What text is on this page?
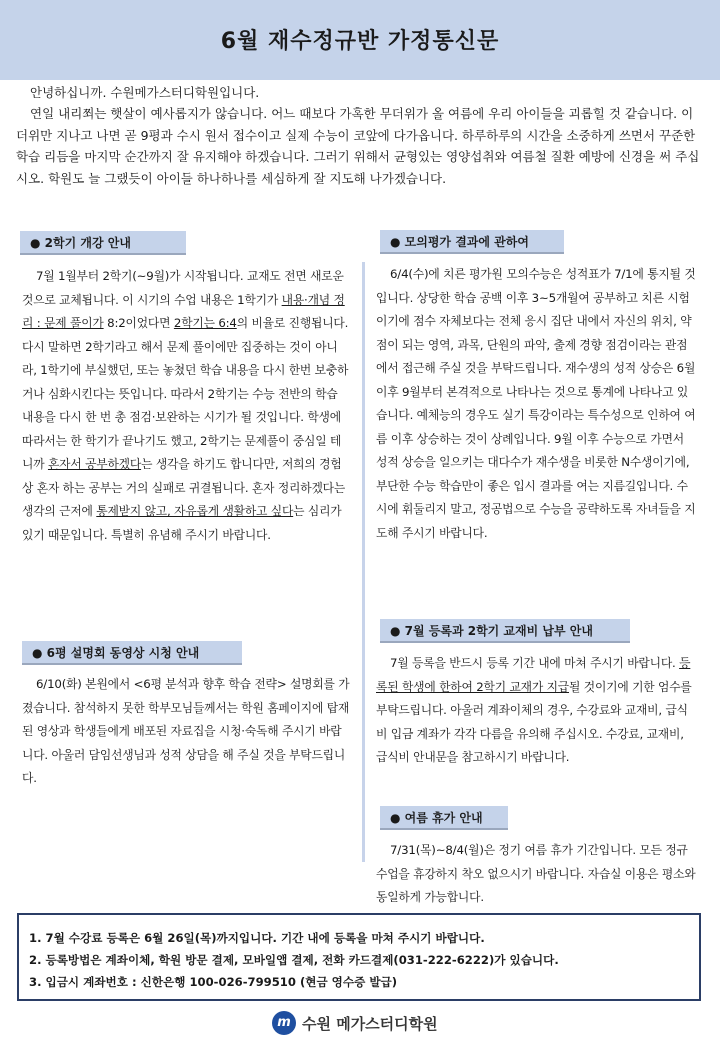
6월 재수정규반 가정통신문

안녕하십니까. 수원메가스터디학원입니다.

연일 내리쬐는 햇살이 예사롭지가 않습니다. 어느 때보다 가혹한 무더위가 올 여름에 우리 아이들을 괴롭힐 것 같습니다. 이 더위만 지나고 나면 곧 9평과 수시 원서 접수이고 실제 수능이 코앞에 다가옵니다. 하루하루의 시간을 소중하게 쓰면서 꾸준한 학습 리듬을 마지막 순간까지 잘 유지해야 하겠습니다. 그러기 위해서 균형있는 영양섭취와 여름철 질환 예방에 신경을 써 주십시오. 학원도 늘 그랬듯이 아이들 하나하나를 세심하게 잘 지도해 나가겠습니다.

● 2학기 개강 안내

7월 1월부터 2학기(~9월)가 시작됩니다. 교재도 전면 새로운 것으로 교체됩니다. 이 시기의 수업 내용은 1학기가 내용·개념 정리 : 문제 풀이가 8:2이었다면 2학기는 6:4의 비율로 진행됩니다. 다시 말하면 2학기라고 해서 문제 풀이에만 집중하는 것이 아니라, 1학기에 부실했던, 또는 놓쳤던 학습 내용을 다시 한번 보충하거나 심화시킨다는 뜻입니다. 따라서 2학기는 수능 전반의 학습 내용을 다시 한 번 총 점검·보완하는 시기가 될 것입니다. 학생에 따라서는 한 학기가 끝나기도 했고, 2학기는 문제풀이 중심일 테니까 혼자서 공부하겠다는 생각을 하기도 합니다만, 저희의 경험상 혼자 하는 공부는 거의 실패로 귀결됩니다. 혼자 정리하겠다는 생각의 근저에 통제받지 않고, 자유롭게 생활하고 싶다는 심리가 있기 때문입니다. 특별히 유념해 주시기 바랍니다.

● 6평 설명회 동영상 시청 안내

6/10(화) 본원에서 <6평 분석과 향후 학습 전략> 설명회를 가졌습니다. 참석하지 못한 학부모님들께서는 학원 홈페이지에 탑재된 영상과 학생들에게 배포된 자료집을 시청·숙독해 주시기 바랍니다. 아울러 담임선생님과 성적 상담을 해 주실 것을 부탁드립니다.

● 모의평가 결과에 관하여

6/4(수)에 치른 평가원 모의수능은 성적표가 7/1에 통지될 것입니다. 상당한 학습 공백 이후 3~5개월여 공부하고 치른 시험이기에 점수 자체보다는 전체 응시 집단 내에서 자신의 위치, 약점이 되는 영역, 과목, 단원의 파악, 출제 경향 점검이라는 관점에서 접근해 주실 것을 부탁드립니다. 재수생의 성적 상승은 6월 이후 9월부터 본격적으로 나타나는 것으로 통계에 나타나고 있습니다. 예체능의 경우도 실기 특강이라는 특수성으로 인하여 여름 이후 상승하는 것이 상례입니다. 9월 이후 수능으로 가면서 성적 상승을 일으키는 대다수가 재수생을 비롯한 N수생이기에, 부단한 수능 학습만이 좋은 입시 결과를 여는 지름길입니다. 수시에 휘둘리지 말고, 정공법으로 수능을 공략하도록 자녀들을 지도해 주시기 바랍니다.

● 7월 등록과 2학기 교재비 납부 안내

7월 등록을 반드시 등록 기간 내에 마쳐 주시기 바랍니다. 등록된 학생에 한하여 2학기 교재가 지급될 것이기에 기한 엄수를 부탁드립니다. 아울러 계좌이체의 경우, 수강료와 교재비, 급식비 입금 계좌가 각각 다름을 유의해 주십시오. 수강료, 교재비, 급식비 안내문을 참고하시기 바랍니다.

● 여름 휴가 안내

7/31(목)~8/4(월)은 정기 여름 휴가 기간입니다. 모든 정규수업을 휴강하지 착오 없으시기 바랍니다. 자습실 이용은 평소와 동일하게 가능합니다.

1. 7월 수강료 등록은 6월 26일(목)까지입니다. 기간 내에 등록을 마쳐 주시기 바랍니다.
2. 등록방법은 계좌이체, 학원 방문 결제, 모바일앱 결제, 전화 카드결제(031-222-6222)가 있습니다.
3. 입금시 계좌번호 : 신한은행 100-026-799510 (현금 영수증 발급)
m 수원 메가스터디학원
